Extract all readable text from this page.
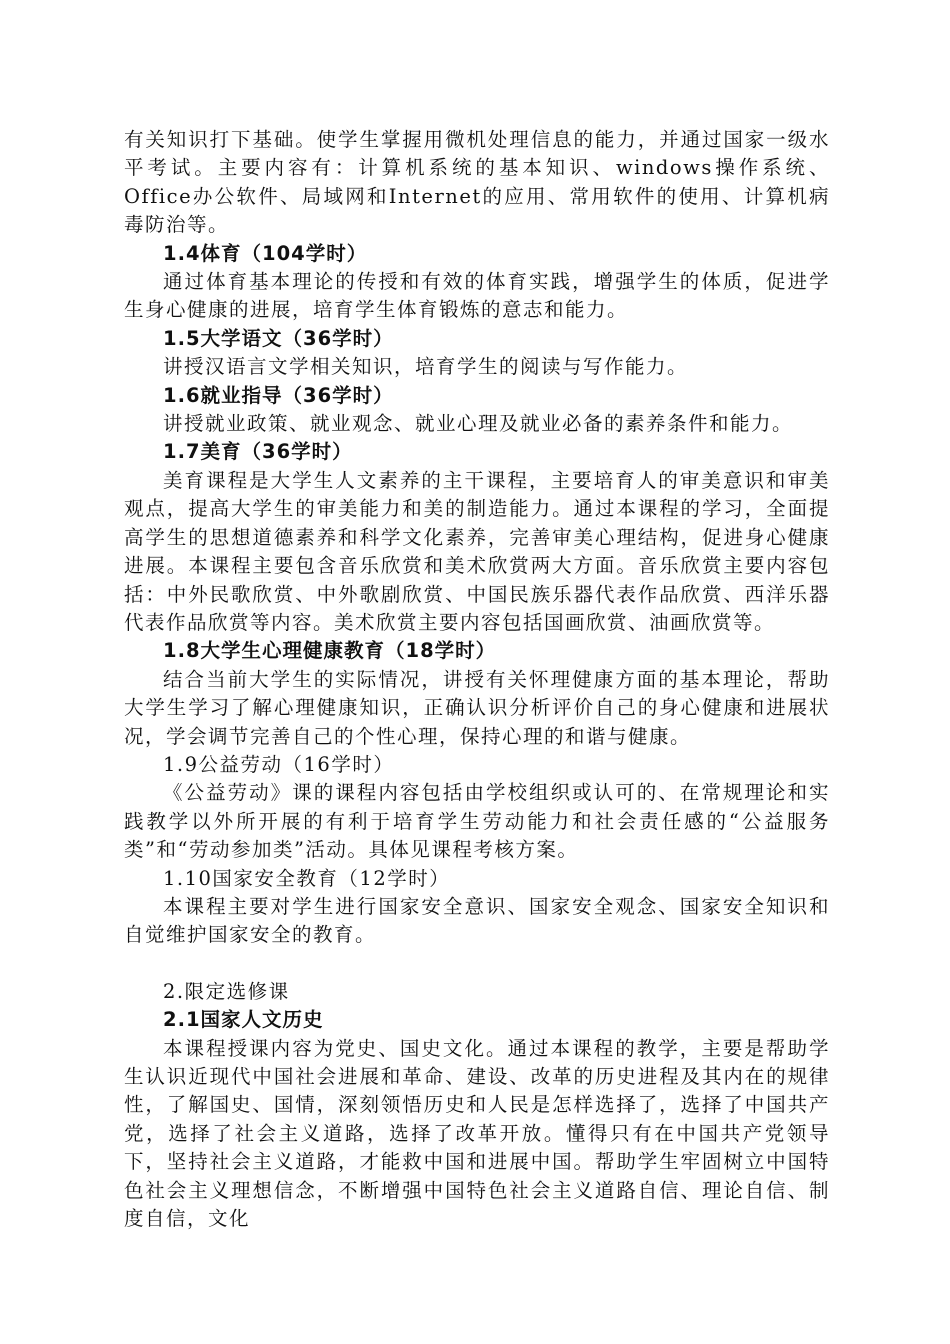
有关知识打下基础。使学生掌握用微机处理信息的能力，并通过国家一级水平考试。主要内容有：计算机系统的基本知识、windows操作系统、Office办公软件、局域网和Internet的应用、常用软件的使用、计算机病毒防治等。

1.4体育（104学时）

通过体育基本理论的传授和有效的体育实践，增强学生的体质，促进学生身心健康的进展，培育学生体育锻炼的意志和能力。

1.5大学语文（36学时）

讲授汉语言文学相关知识，培育学生的阅读与写作能力。

1.6就业指导（36学时）

讲授就业政策、就业观念、就业心理及就业必备的素养条件和能力。

1.7美育（36学时）

美育课程是大学生人文素养的主干课程，主要培育人的审美意识和审美观点，提高大学生的审美能力和美的制造能力。通过本课程的学习，全面提高学生的思想道德素养和科学文化素养，完善审美心理结构，促进身心健康进展。本课程主要包含音乐欣赏和美术欣赏两大方面。音乐欣赏主要内容包括：中外民歌欣赏、中外歌剧欣赏、中国民族乐器代表作品欣赏、西洋乐器代表作品欣赏等内容。美术欣赏主要内容包括国画欣赏、油画欣赏等。

1.8大学生心理健康教育（18学时）

结合当前大学生的实际情况，讲授有关怀理健康方面的基本理论，帮助大学生学习了解心理健康知识，正确认识分析评价自己的身心健康和进展状况，学会调节完善自己的个性心理，保持心理的和谐与健康。

1.9公益劳动（16学时）

《公益劳动》课的课程内容包括由学校组织或认可的、在常规理论和实践教学以外所开展的有利于培育学生劳动能力和社会责任感的“公益服务类”和“劳动参加类”活动。具体见课程考核方案。

1.10国家安全教育（12学时）

本课程主要对学生进行国家安全意识、国家安全观念、国家安全知识和自觉维护国家安全的教育。

2.限定选修课

2.1国家人文历史

本课程授课内容为党史、国史文化。通过本课程的教学，主要是帮助学生认识近现代中国社会进展和革命、建设、改革的历史进程及其内在的规律性，了解国史、国情，深刻领悟历史和人民是怎样选择了，选择了中国共产党，选择了社会主义道路，选择了改革开放。懂得只有在中国共产党领导下，坚持社会主义道路，才能救中国和进展中国。帮助学生牢固树立中国特色社会主义理想信念，不断增强中国特色社会主义道路自信、理论自信、制度自信，文化
